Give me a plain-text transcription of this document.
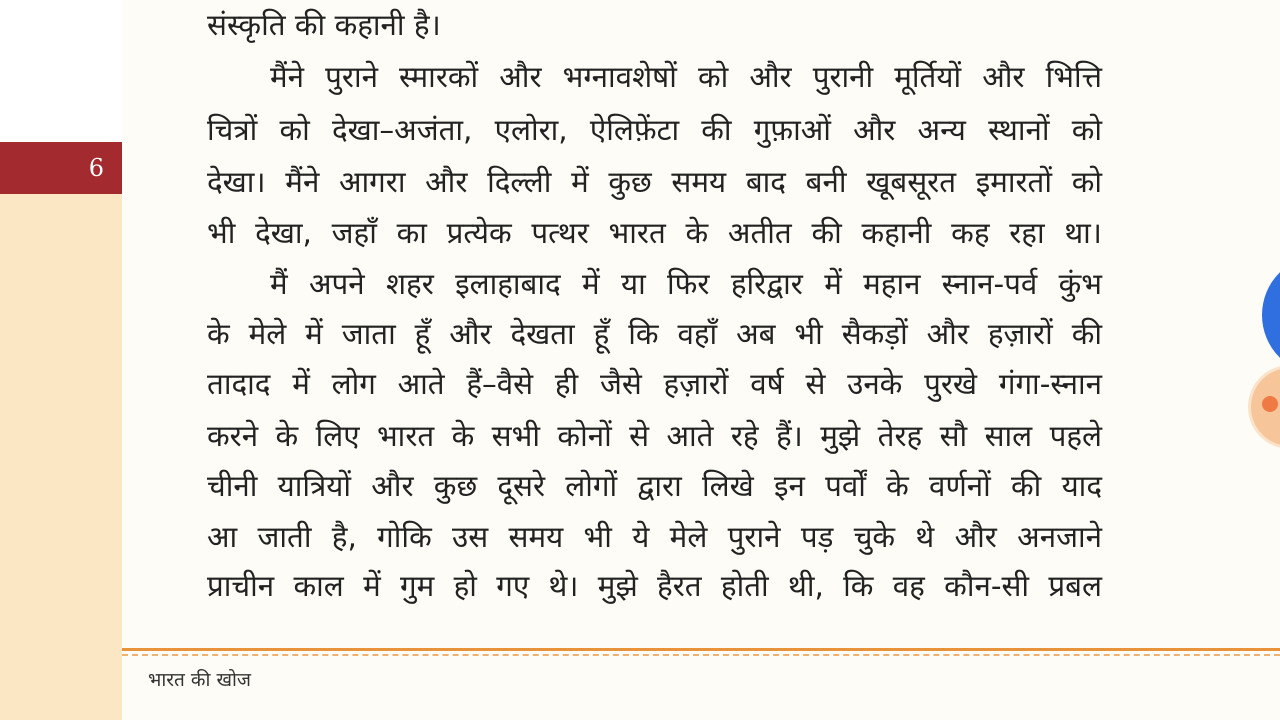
6
संस्कृति की कहानी है।
मैंने पुराने स्मारकों और भग्नावशेषों को और पुरानी मूर्तियों और भित्ति
चित्रों को देखा–अजंता, एलोरा, ऐलिफ़ेंटा की गुफ़ाओं और अन्य स्थानों को
देखा। मैंने आगरा और दिल्ली में कुछ समय बाद बनी खूबसूरत इमारतों को
भी देखा, जहाँ का प्रत्येक पत्थर भारत के अतीत की कहानी कह रहा था।
मैं अपने शहर इलाहाबाद में या फिर हरिद्वार में महान स्नान-पर्व कुंभ
के मेले में जाता हूँ और देखता हूँ कि वहाँ अब भी सैकड़ों और हज़ारों की
तादाद में लोग आते हैं–वैसे ही जैसे हज़ारों वर्ष से उनके पुरखे गंगा-स्नान
करने के लिए भारत के सभी कोनों से आते रहे हैं। मुझे तेरह सौ साल पहले
चीनी यात्रियों और कुछ दूसरे लोगों द्वारा लिखे इन पर्वों के वर्णनों की याद
आ जाती है, गोकि उस समय भी ये मेले पुराने पड़ चुके थे और अनजाने
प्राचीन काल में गुम हो गए थे। मुझे हैरत होती थी, कि वह कौन-सी प्रबल
भारत की खोज
